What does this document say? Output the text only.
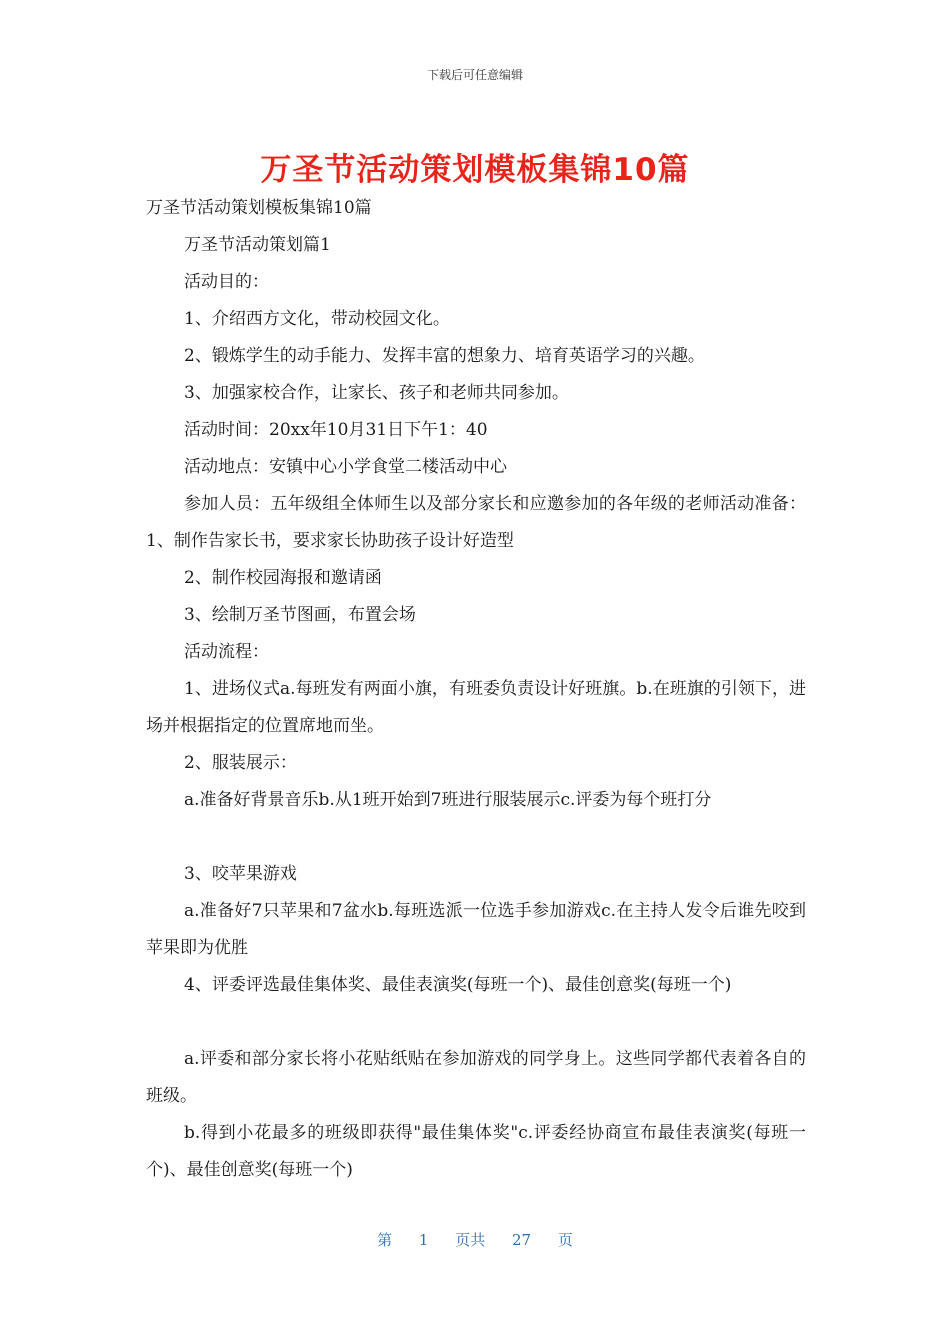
下载后可任意编辑
万圣节活动策划模板集锦10篇

万圣节活动策划模板集锦10篇

万圣节活动策划篇1

活动目的：

1、介绍西方文化，带动校园文化。

2、锻炼学生的动手能力、发挥丰富的想象力、培育英语学习的兴趣。

3、加强家校合作，让家长、孩子和老师共同参加。

活动时间：20xx年10月31日下午1：40

活动地点：安镇中心小学食堂二楼活动中心

参加人员：五年级组全体师生以及部分家长和应邀参加的各年级的老师活动准备：1、制作告家长书，要求家长协助孩子设计好造型

2、制作校园海报和邀请函

3、绘制万圣节图画，布置会场

活动流程：

1、进场仪式a.每班发有两面小旗，有班委负责设计好班旗。b.在班旗的引领下，进场并根据指定的位置席地而坐。

2、服装展示：

a.准备好背景音乐b.从1班开始到7班进行服装展示c.评委为每个班打分

3、咬苹果游戏

a.准备好7只苹果和7盆水b.每班选派一位选手参加游戏c.在主持人发令后谁先咬到苹果即为优胜

4、评委评选最佳集体奖、最佳表演奖(每班一个)、最佳创意奖(每班一个)

a.评委和部分家长将小花贴纸贴在参加游戏的同学身上。这些同学都代表着各自的班级。

b.得到小花最多的班级即获得"最佳集体奖"c.评委经协商宣布最佳表演奖(每班一个)、最佳创意奖(每班一个)

第 1 页共 27 页
